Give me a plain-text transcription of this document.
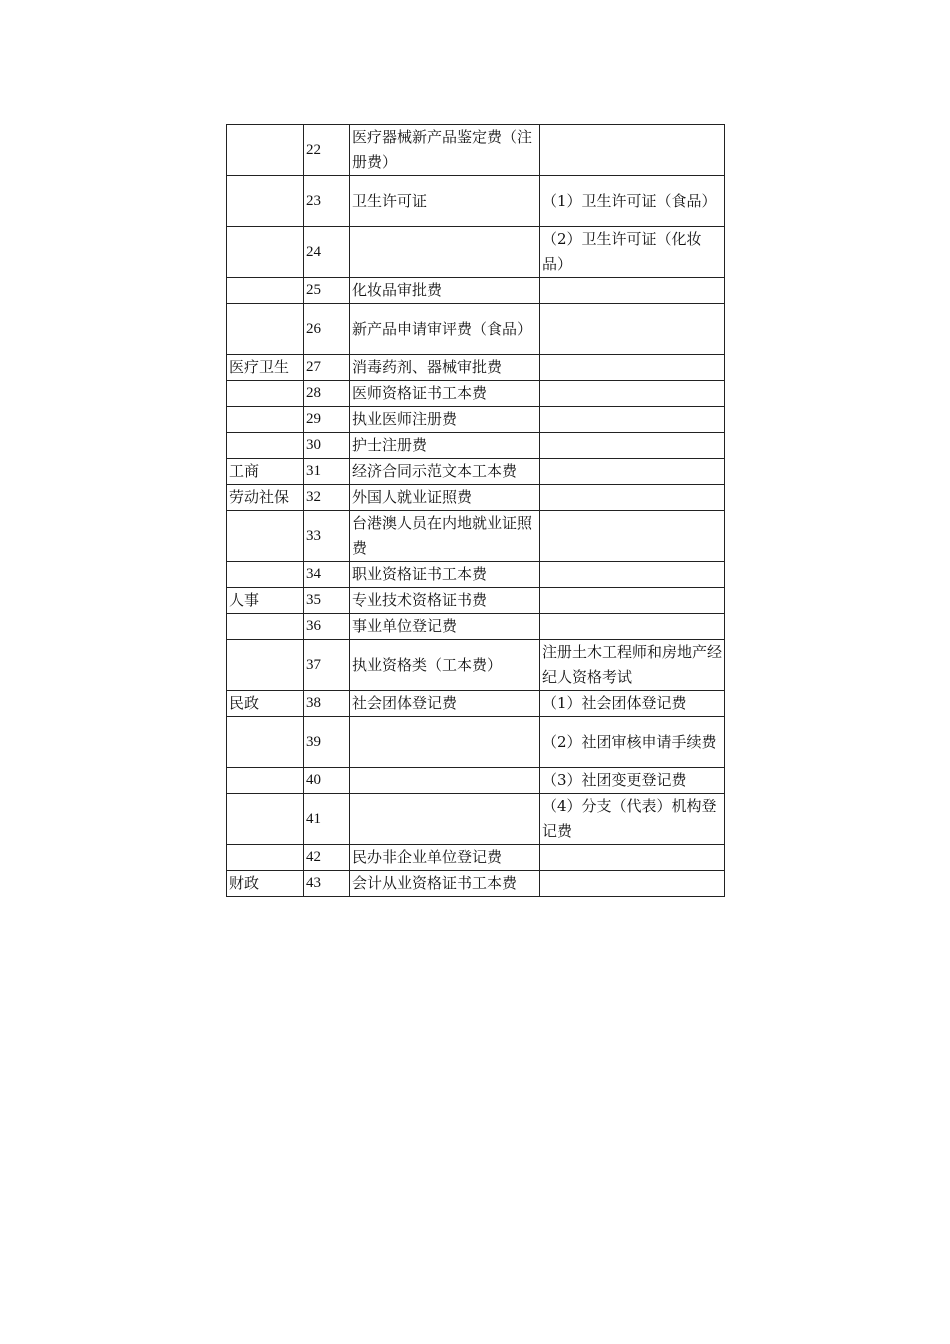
	22	医疗器械新产品鉴定费（注册费）	
	23	卫生许可证	（1）卫生许可证（食品）
	24		（2）卫生许可证（化妆品）
	25	化妆品审批费	
	26	新产品申请审评费（食品）	
医疗卫生	27	消毒药剂、器械审批费	
	28	医师资格证书工本费	
	29	执业医师注册费	
	30	护士注册费	
工商	31	经济合同示范文本工本费	
劳动社保	32	外国人就业证照费	
	33	台港澳人员在内地就业证照费	
	34	职业资格证书工本费	
人事	35	专业技术资格证书费	
	36	事业单位登记费	
	37	执业资格类（工本费）	注册土木工程师和房地产经纪人资格考试
民政	38	社会团体登记费	（1）社会团体登记费
	39		（2）社团审核申请手续费
	40		（3）社团变更登记费
	41		（4）分支（代表）机构登记费
	42	民办非企业单位登记费	
财政	43	会计从业资格证书工本费	
